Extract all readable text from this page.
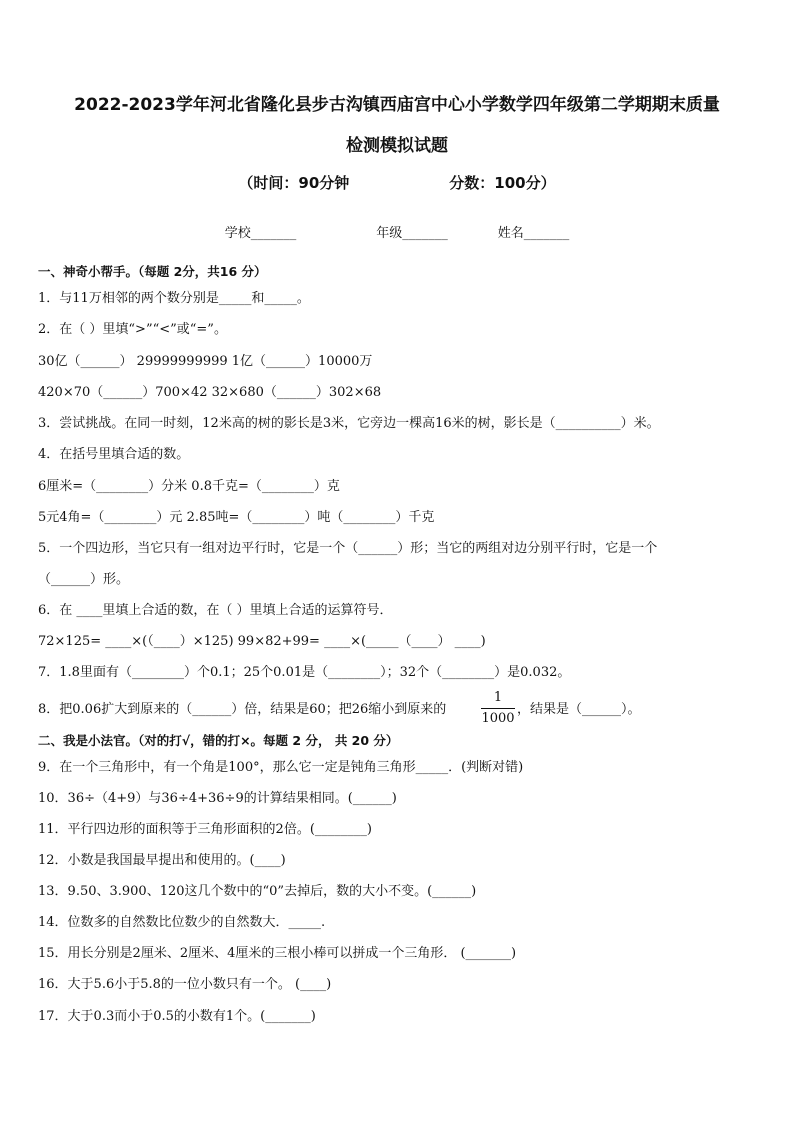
2022-2023学年河北省隆化县步古沟镇西庙宫中心小学数学四年级第二学期期末质量
检测模拟试题
（时间：90分钟	分数：100分）
学校_______	年级_______	姓名_______
一、神奇小帮手。（每题 2分，共16 分）
1．与11万相邻的两个数分别是_____和_____。
2．在（ ）里填“>”“<”或“=”。
30亿（______） 29999999999 1亿（______）10000万
420×70（______）700×42 32×680（______）302×68
3．尝试挑战。在同一时刻，12米高的树的影长是3米，它旁边一棵高16米的树，影长是（__________）米。
4．在括号里填合适的数。
6厘米=（________）分米 0.8千克=（________）克
5元4角=（________）元 2.85吨=（________）吨（________）千克
5．一个四边形，当它只有一组对边平行时，它是一个（______）形；当它的两组对边分别平行时，它是一个
（______）形。
6．在 ____里填上合适的数，在（ ）里填上合适的运算符号．
72×125= ____×(（____）×125) 99×82+99= ____×(_____（____） ____)
7．1.8里面有（________）个0.1；25个0.01是（________）；32个（________）是0.032。
8．把0.06扩大到原来的（______）倍，结果是60；把26缩小到原来的
1
1000
，结果是（______）。
二、我是小法官。（对的打√，错的打×。每题 2 分， 共 20 分）
9．在一个三角形中，有一个角是100°，那么它一定是钝角三角形_____．(判断对错)
10．36÷（4+9）与36÷4+36÷9的计算结果相同。(______)
11．平行四边形的面积等于三角形面积的2倍。(________)
12．小数是我国最早提出和使用的。(____)
13．9.50、3.900、120这几个数中的“0”去掉后，数的大小不变。(______)
14．位数多的自然数比位数少的自然数大．_____.
15．用长分别是2厘米、2厘米、4厘米的三根小棒可以拼成一个三角形． (_______)
16．大于5.6小于5.8的一位小数只有一个。 (____)
17．大于0.3而小于0.5的小数有1个。(_______)
